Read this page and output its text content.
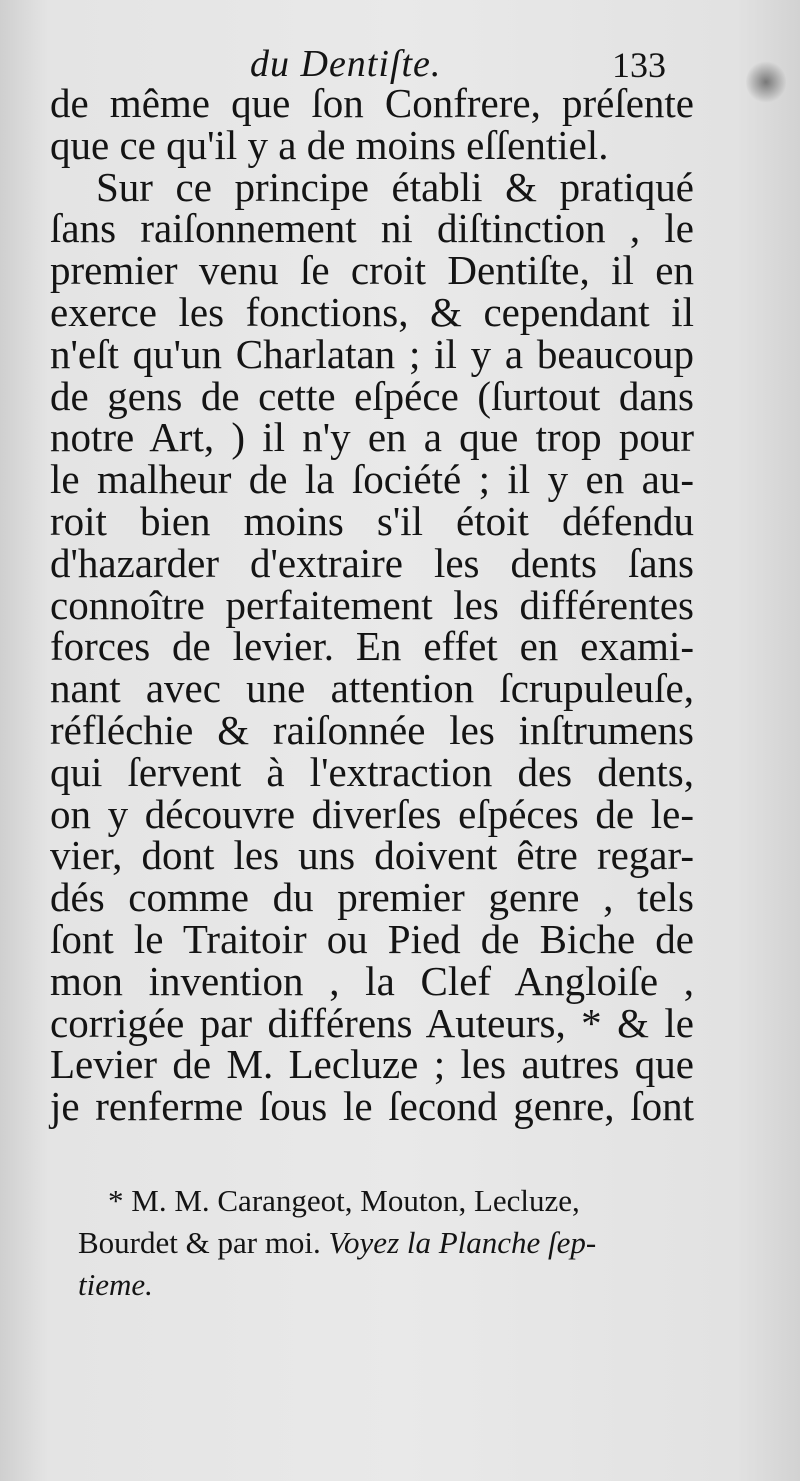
du Dentiſte.	133
de même que ſon Confrere, préſente
que ce qu'il y a de moins eſſentiel.
Sur ce principe établi & pratiqué
ſans raiſonnement ni diſtinction , le
premier venu ſe croit Dentiſte, il en
exerce les fonctions, & cependant il
n'eſt qu'un Charlatan ; il y a beaucoup
de gens de cette eſpéce (ſurtout dans
notre Art, ) il n'y en a que trop pour
le malheur de la ſociété ; il y en au-
roit bien moins s'il étoit défendu
d'hazarder d'extraire les dents ſans
connoître perfaitement les différentes
forces de levier. En effet en exami-
nant avec une attention ſcrupuleuſe,
réfléchie & raiſonnée les inſtrumens
qui ſervent à l'extraction des dents,
on y découvre diverſes eſpéces de le-
vier, dont les uns doivent être regar-
dés comme du premier genre , tels
ſont le Traitoir ou Pied de Biche de
mon invention , la Clef Angloiſe ,
corrigée par différens Auteurs, * & le
Levier de M. Lecluze ; les autres que
je renferme ſous le ſecond genre, ſont
* M. M. Carangeot, Mouton, Lecluze,
Bourdet & par moi. Voyez la Planche ſep-
tieme.
